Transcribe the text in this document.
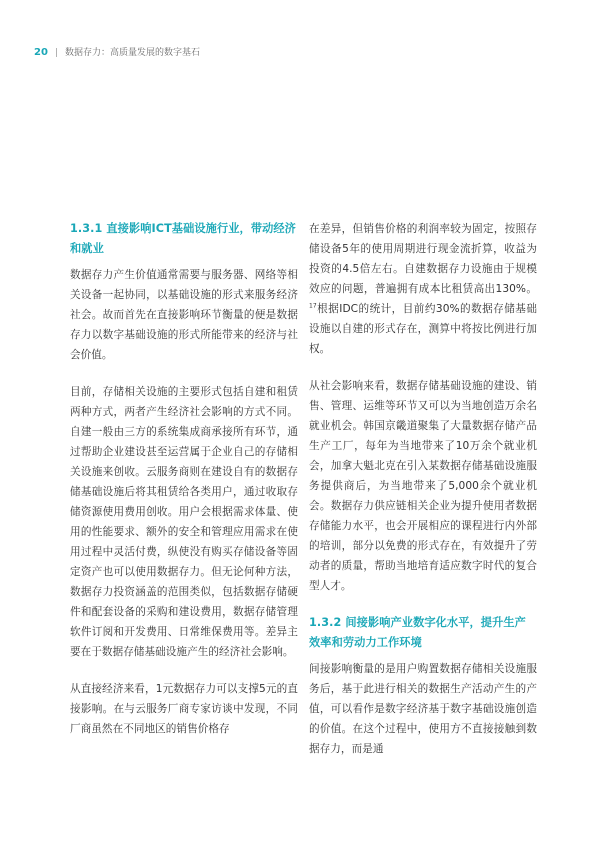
20 | 数据存力：高质量发展的数字基石
1.3.1 直接影响ICT基础设施行业，带动经济和就业

数据存力产生价值通常需要与服务器、网络等相关设备一起协同，以基础设施的形式来服务经济社会。故而首先在直接影响环节衡量的便是数据存力以数字基础设施的形式所能带来的经济与社会价值。

目前，存储相关设施的主要形式包括自建和租赁两种方式，两者产生经济社会影响的方式不同。自建一般由三方的系统集成商承接所有环节，通过帮助企业建设甚至运营属于企业自己的存储相关设施来创收。云服务商则在建设自有的数据存储基础设施后将其租赁给各类用户，通过收取存储资源使用费用创收。用户会根据需求体量、使用的性能要求、额外的安全和管理应用需求在使用过程中灵活付费，纵使没有购买存储设备等固定资产也可以使用数据存力。但无论何种方法，数据存力投资涵盖的范围类似，包括数据存储硬件和配套设备的采购和建设费用，数据存储管理软件订阅和开发费用、日常维保费用等。差异主要在于数据存储基础设施产生的经济社会影响。

从直接经济来看，1元数据存力可以支撑5元的直接影响。在与云服务厂商专家访谈中发现，不同厂商虽然在不同地区的销售价格存

在差异，但销售价格的利润率较为固定，按照存储设备5年的使用周期进行现金流折算，收益为投资的4.5倍左右。自建数据存力设施由于规模效应的问题，普遍拥有成本比租赁高出130%。$^{17}$根据IDC的统计，目前约30%的数据存储基础设施以自建的形式存在，测算中将按比例进行加权。

从社会影响来看，数据存储基础设施的建设、销售、管理、运维等环节又可以为当地创造万余名就业机会。韩国京畿道聚集了大量数据存储产品生产工厂，每年为当地带来了10万余个就业机会，加拿大魁北克在引入某数据存储基础设施服务提供商后，为当地带来了5,000余个就业机会。数据存力供应链相关企业为提升使用者数据存储能力水平，也会开展相应的课程进行内外部的培训，部分以免费的形式存在，有效提升了劳动者的质量，帮助当地培育适应数字时代的复合型人才。

1.3.2 间接影响产业数字化水平，提升生产效率和劳动力工作环境

间接影响衡量的是用户购置数据存储相关设施服务后，基于此进行相关的数据生产活动产生的产值，可以看作是数字经济基于数字基础设施创造的价值。在这个过程中，使用方不直接接触到数据存力，而是通
